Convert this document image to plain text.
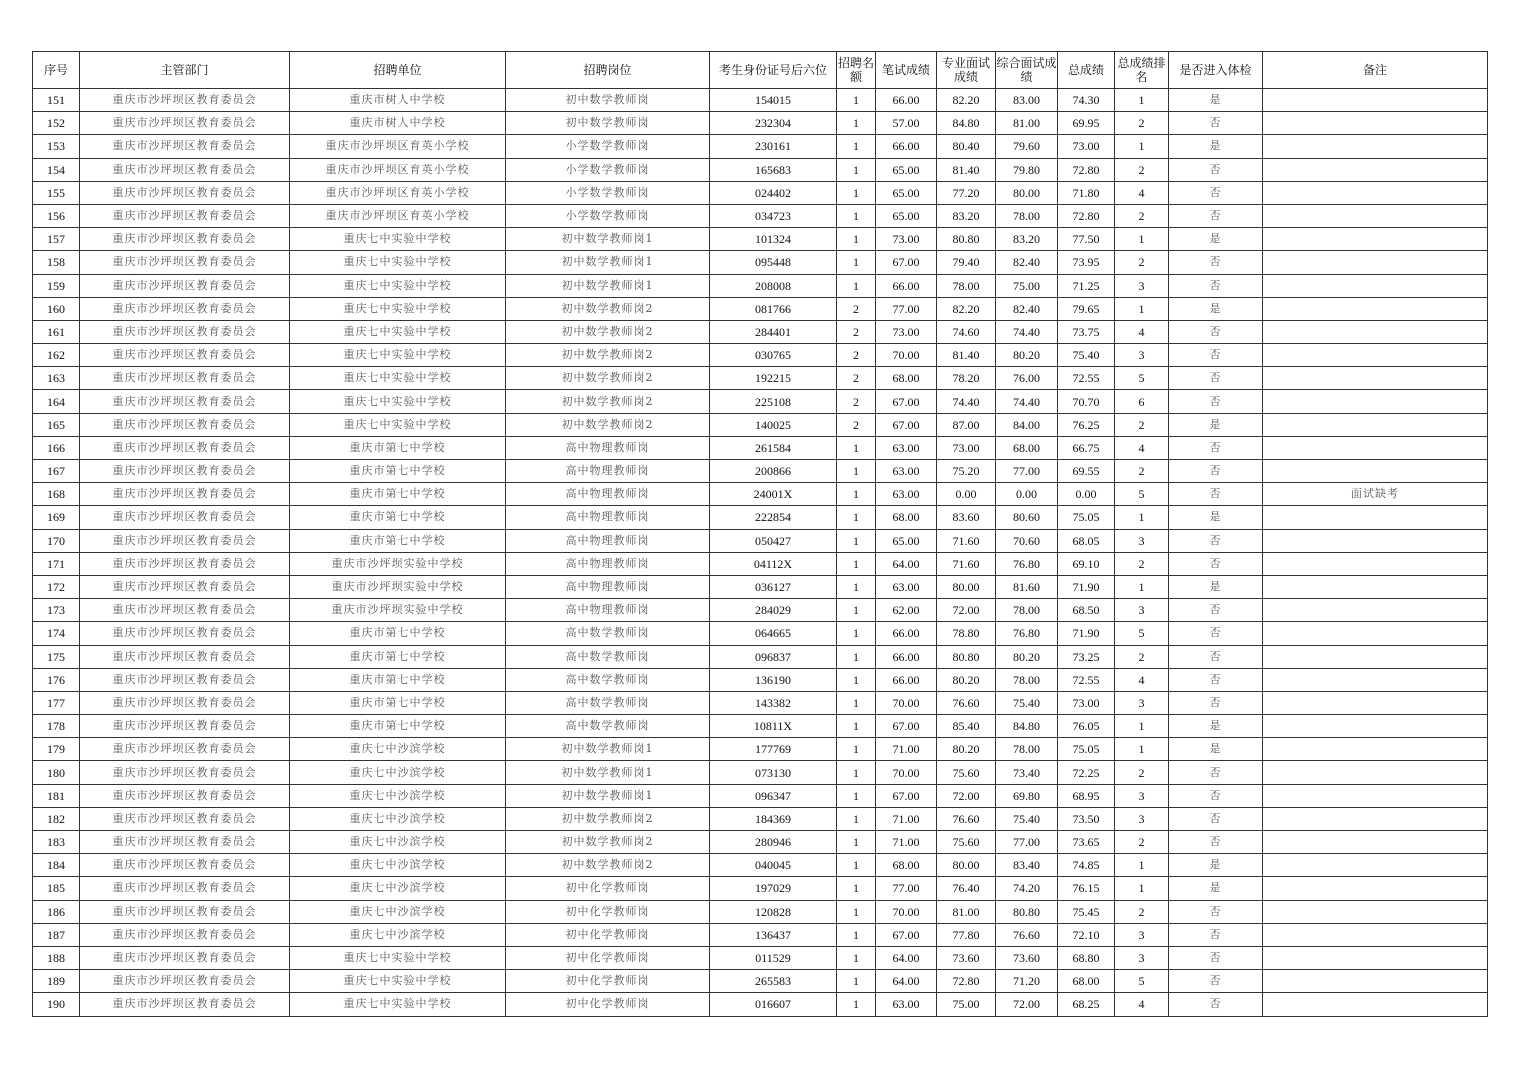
序号	主管部门	招聘单位	招聘岗位	考生身份证号后六位	招聘名额	笔试成绩	专业面试成绩	综合面试成绩	总成绩	总成绩排名	是否进入体检	备注
151	重庆市沙坪坝区教育委员会	重庆市树人中学校	初中数学教师岗	154015	1	66.00	82.20	83.00	74.30	1	是	
152	重庆市沙坪坝区教育委员会	重庆市树人中学校	初中数学教师岗	232304	1	57.00	84.80	81.00	69.95	2	否	
153	重庆市沙坪坝区教育委员会	重庆市沙坪坝区育英小学校	小学数学教师岗	230161	1	66.00	80.40	79.60	73.00	1	是	
154	重庆市沙坪坝区教育委员会	重庆市沙坪坝区育英小学校	小学数学教师岗	165683	1	65.00	81.40	79.80	72.80	2	否	
155	重庆市沙坪坝区教育委员会	重庆市沙坪坝区育英小学校	小学数学教师岗	024402	1	65.00	77.20	80.00	71.80	4	否	
156	重庆市沙坪坝区教育委员会	重庆市沙坪坝区育英小学校	小学数学教师岗	034723	1	65.00	83.20	78.00	72.80	2	否	
157	重庆市沙坪坝区教育委员会	重庆七中实验中学校	初中数学教师岗1	101324	1	73.00	80.80	83.20	77.50	1	是	
158	重庆市沙坪坝区教育委员会	重庆七中实验中学校	初中数学教师岗1	095448	1	67.00	79.40	82.40	73.95	2	否	
159	重庆市沙坪坝区教育委员会	重庆七中实验中学校	初中数学教师岗1	208008	1	66.00	78.00	75.00	71.25	3	否	
160	重庆市沙坪坝区教育委员会	重庆七中实验中学校	初中数学教师岗2	081766	2	77.00	82.20	82.40	79.65	1	是	
161	重庆市沙坪坝区教育委员会	重庆七中实验中学校	初中数学教师岗2	284401	2	73.00	74.60	74.40	73.75	4	否	
162	重庆市沙坪坝区教育委员会	重庆七中实验中学校	初中数学教师岗2	030765	2	70.00	81.40	80.20	75.40	3	否	
163	重庆市沙坪坝区教育委员会	重庆七中实验中学校	初中数学教师岗2	192215	2	68.00	78.20	76.00	72.55	5	否	
164	重庆市沙坪坝区教育委员会	重庆七中实验中学校	初中数学教师岗2	225108	2	67.00	74.40	74.40	70.70	6	否	
165	重庆市沙坪坝区教育委员会	重庆七中实验中学校	初中数学教师岗2	140025	2	67.00	87.00	84.00	76.25	2	是	
166	重庆市沙坪坝区教育委员会	重庆市第七中学校	高中物理教师岗	261584	1	63.00	73.00	68.00	66.75	4	否	
167	重庆市沙坪坝区教育委员会	重庆市第七中学校	高中物理教师岗	200866	1	63.00	75.20	77.00	69.55	2	否	
168	重庆市沙坪坝区教育委员会	重庆市第七中学校	高中物理教师岗	24001X	1	63.00	0.00	0.00	0.00	5	否	面试缺考
169	重庆市沙坪坝区教育委员会	重庆市第七中学校	高中物理教师岗	222854	1	68.00	83.60	80.60	75.05	1	是	
170	重庆市沙坪坝区教育委员会	重庆市第七中学校	高中物理教师岗	050427	1	65.00	71.60	70.60	68.05	3	否	
171	重庆市沙坪坝区教育委员会	重庆市沙坪坝实验中学校	高中物理教师岗	04112X	1	64.00	71.60	76.80	69.10	2	否	
172	重庆市沙坪坝区教育委员会	重庆市沙坪坝实验中学校	高中物理教师岗	036127	1	63.00	80.00	81.60	71.90	1	是	
173	重庆市沙坪坝区教育委员会	重庆市沙坪坝实验中学校	高中物理教师岗	284029	1	62.00	72.00	78.00	68.50	3	否	
174	重庆市沙坪坝区教育委员会	重庆市第七中学校	高中数学教师岗	064665	1	66.00	78.80	76.80	71.90	5	否	
175	重庆市沙坪坝区教育委员会	重庆市第七中学校	高中数学教师岗	096837	1	66.00	80.80	80.20	73.25	2	否	
176	重庆市沙坪坝区教育委员会	重庆市第七中学校	高中数学教师岗	136190	1	66.00	80.20	78.00	72.55	4	否	
177	重庆市沙坪坝区教育委员会	重庆市第七中学校	高中数学教师岗	143382	1	70.00	76.60	75.40	73.00	3	否	
178	重庆市沙坪坝区教育委员会	重庆市第七中学校	高中数学教师岗	10811X	1	67.00	85.40	84.80	76.05	1	是	
179	重庆市沙坪坝区教育委员会	重庆七中沙滨学校	初中数学教师岗1	177769	1	71.00	80.20	78.00	75.05	1	是	
180	重庆市沙坪坝区教育委员会	重庆七中沙滨学校	初中数学教师岗1	073130	1	70.00	75.60	73.40	72.25	2	否	
181	重庆市沙坪坝区教育委员会	重庆七中沙滨学校	初中数学教师岗1	096347	1	67.00	72.00	69.80	68.95	3	否	
182	重庆市沙坪坝区教育委员会	重庆七中沙滨学校	初中数学教师岗2	184369	1	71.00	76.60	75.40	73.50	3	否	
183	重庆市沙坪坝区教育委员会	重庆七中沙滨学校	初中数学教师岗2	280946	1	71.00	75.60	77.00	73.65	2	否	
184	重庆市沙坪坝区教育委员会	重庆七中沙滨学校	初中数学教师岗2	040045	1	68.00	80.00	83.40	74.85	1	是	
185	重庆市沙坪坝区教育委员会	重庆七中沙滨学校	初中化学教师岗	197029	1	77.00	76.40	74.20	76.15	1	是	
186	重庆市沙坪坝区教育委员会	重庆七中沙滨学校	初中化学教师岗	120828	1	70.00	81.00	80.80	75.45	2	否	
187	重庆市沙坪坝区教育委员会	重庆七中沙滨学校	初中化学教师岗	136437	1	67.00	77.80	76.60	72.10	3	否	
188	重庆市沙坪坝区教育委员会	重庆七中实验中学校	初中化学教师岗	011529	1	64.00	73.60	73.60	68.80	3	否	
189	重庆市沙坪坝区教育委员会	重庆七中实验中学校	初中化学教师岗	265583	1	64.00	72.80	71.20	68.00	5	否	
190	重庆市沙坪坝区教育委员会	重庆七中实验中学校	初中化学教师岗	016607	1	63.00	75.00	72.00	68.25	4	否	
